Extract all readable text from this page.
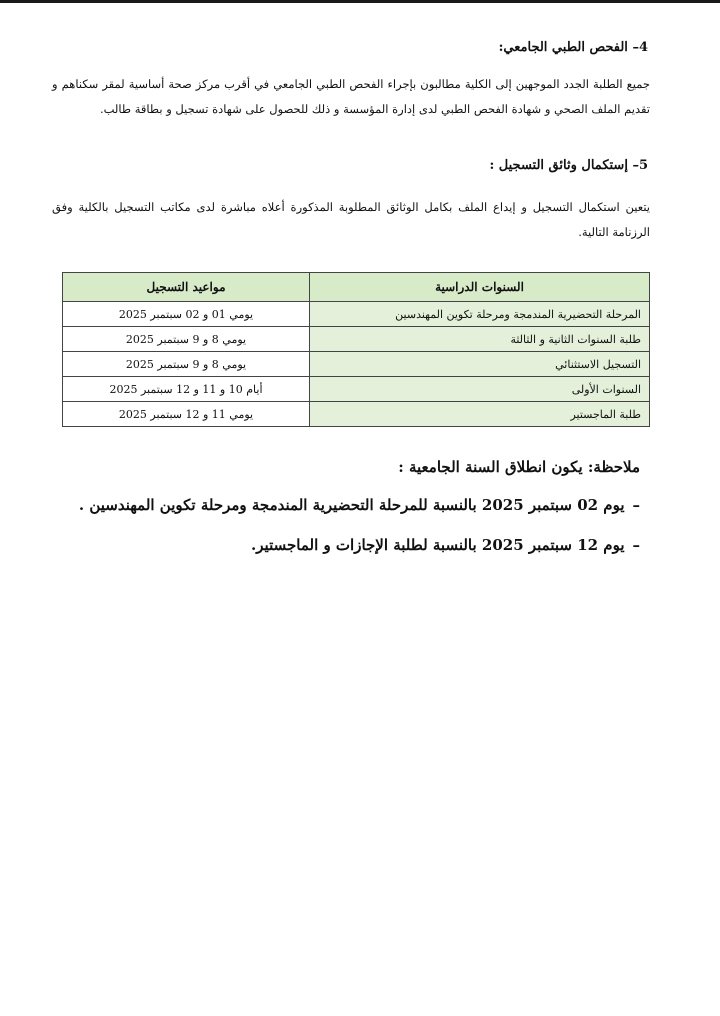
4– الفحص الطبي الجامعي:
جميع الطلبة الجدد الموجهين إلى الكلية مطالبون بإجراء الفحص الطبي الجامعي في أقرب مركز صحة أساسية لمقر سكناهم و تقديم الملف الصحي و شهادة الفحص الطبي لدى إدارة المؤسسة و ذلك للحصول على شهادة تسجيل و بطاقة طالب.
5– إستكمال وثائق التسجيل :
يتعين استكمال التسجيل و إيداع الملف بكامل الوثائق المطلوبة المذكورة أعلاه مباشرة لدى مكاتب التسجيل بالكلية وفق الرزنامة التالية.
السنوات الدراسية	مواعيد التسجيل
المرحلة التحضيرية المندمجة ومرحلة تكوين المهندسين	يومي 01 و 02 سبتمبر 2025
طلبة السنوات الثانية و الثالثة	يومي 8 و 9 سبتمبر 2025
التسجيل الاستثنائي	يومي 8 و 9 سبتمبر 2025
السنوات الأولى	أيام 10 و 11 و 12 سبتمبر 2025
طلبة الماجستير	يومي 11 و 12 سبتمبر 2025
ملاحظة: يكون انطلاق السنة الجامعية :
–يوم 02 سبتمبر 2025 بالنسبة للمرحلة التحضيرية المندمجة ومرحلة تكوين المهندسين .
–يوم 12 سبتمبر 2025 بالنسبة لطلبة الإجازات و الماجستير.
